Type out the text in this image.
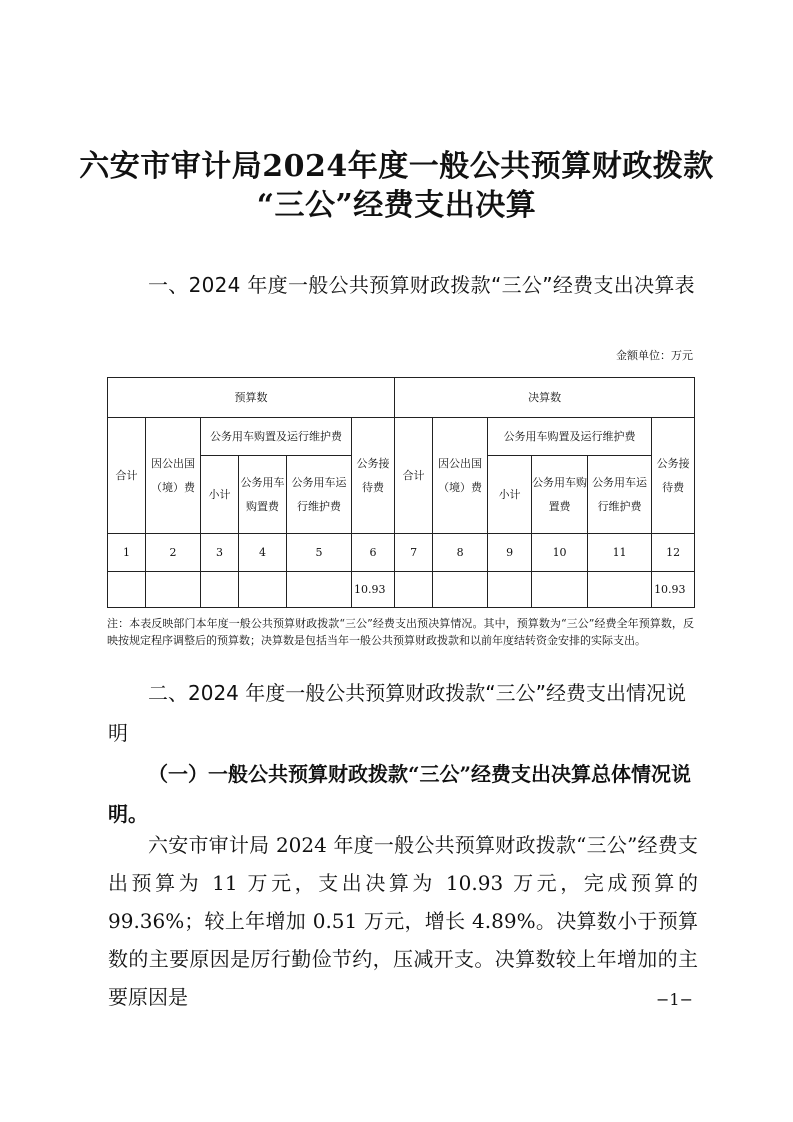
六安市审计局2024年度一般公共预算财政拨款
“三公”经费支出决算
一、2024 年度一般公共预算财政拨款“三公”经费支出决算表
金额单位：万元
预算数						决算数					
合计	因公出国（境）费	公务用车购置及运行维护费			公务接待费	合计	因公出国（境）费	公务用车购置及运行维护费			公务接待费
		小计	公务用车购置费	公务用车运行维护费				小计	公务用车购置费	公务用车运行维护费	
1	2	3	4	5	6	7	8	9	10	11	12
					10.93						10.93
注：本表反映部门本年度一般公共预算财政拨款“三公”经费支出预决算情况。其中，预算数为“三公”经费全年预算数，反映按规定程序调整后的预算数；决算数是包括当年一般公共预算财政拨款和以前年度结转资金安排的实际支出。
二、2024 年度一般公共预算财政拨款“三公”经费支出情况说明
（一）一般公共预算财政拨款“三公”经费支出决算总体情况说明。
六安市审计局 2024 年度一般公共预算财政拨款“三公”经费支出预算为 11 万元，支出决算为 10.93 万元，完成预算的 99.36%；较上年增加 0.51 万元，增长 4.89%。决算数小于预算数的主要原因是厉行勤俭节约，压减开支。决算数较上年增加的主要原因是	−1−
